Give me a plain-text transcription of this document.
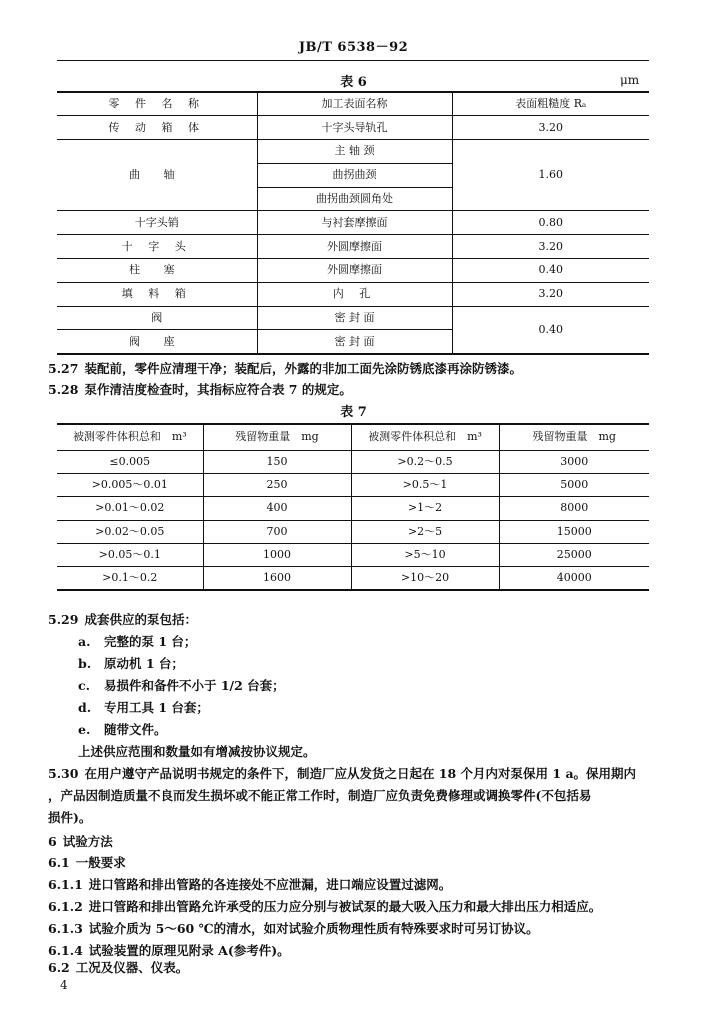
JB/T 6538－92
表 6	μm
零 件 名 称	加工表面名称	表面粗糙度 Rₐ
传 动 箱 体	十字头导轨孔	3.20
曲 轴	主 轴 颈	1.60
	曲拐曲颈	
	曲拐曲颈圆角处	
十字头销	与衬套摩擦面	0.80
十 字 头	外圆摩擦面	3.20
柱 塞	外圆摩擦面	0.40
填 料 箱	内 孔	3.20
阀	密 封 面	0.40
阀 座	密 封 面	
5.27 装配前，零件应清理干净；装配后，外露的非加工面先涂防锈底漆再涂防锈漆。
5.28 泵作清洁度检查时，其指标应符合表 7 的规定。
表 7
被测零件体积总和　m³	残留物重量　mg	被测零件体积总和　m³	残留物重量　mg
≤0.005	150	>0.2～0.5	3000
>0.005～0.01	250	>0.5～1	5000
>0.01～0.02	400	>1～2	8000
>0.02～0.05	700	>2～5	15000
>0.05～0.1	1000	>5～10	25000
>0.1～0.2	1600	>10～20	40000
5.29 成套供应的泵包括：
a. 完整的泵 1 台；
b. 原动机 1 台；
c. 易损件和备件不小于 1/2 台套；
d. 专用工具 1 台套；
e. 随带文件。
上述供应范围和数量如有增减按协议规定。
5.30 在用户遵守产品说明书规定的条件下，制造厂应从发货之日起在 18 个月内对泵保用 1 a。保用期内
，产品因制造质量不良而发生损坏或不能正常工作时，制造厂应负责免费修理或调换零件(不包括易
损件)。
6 试验方法
6.1 一般要求
6.1.1 进口管路和排出管路的各连接处不应泄漏，进口端应设置过滤网。
6.1.2 进口管路和排出管路允许承受的压力应分别与被试泵的最大吸入压力和最大排出压力相适应。
6.1.3 试验介质为 5～60 ℃的清水，如对试验介质物理性质有特殊要求时可另订协议。
6.1.4 试验装置的原理见附录 A(参考件)。
6.2 工况及仪器、仪表。
4
